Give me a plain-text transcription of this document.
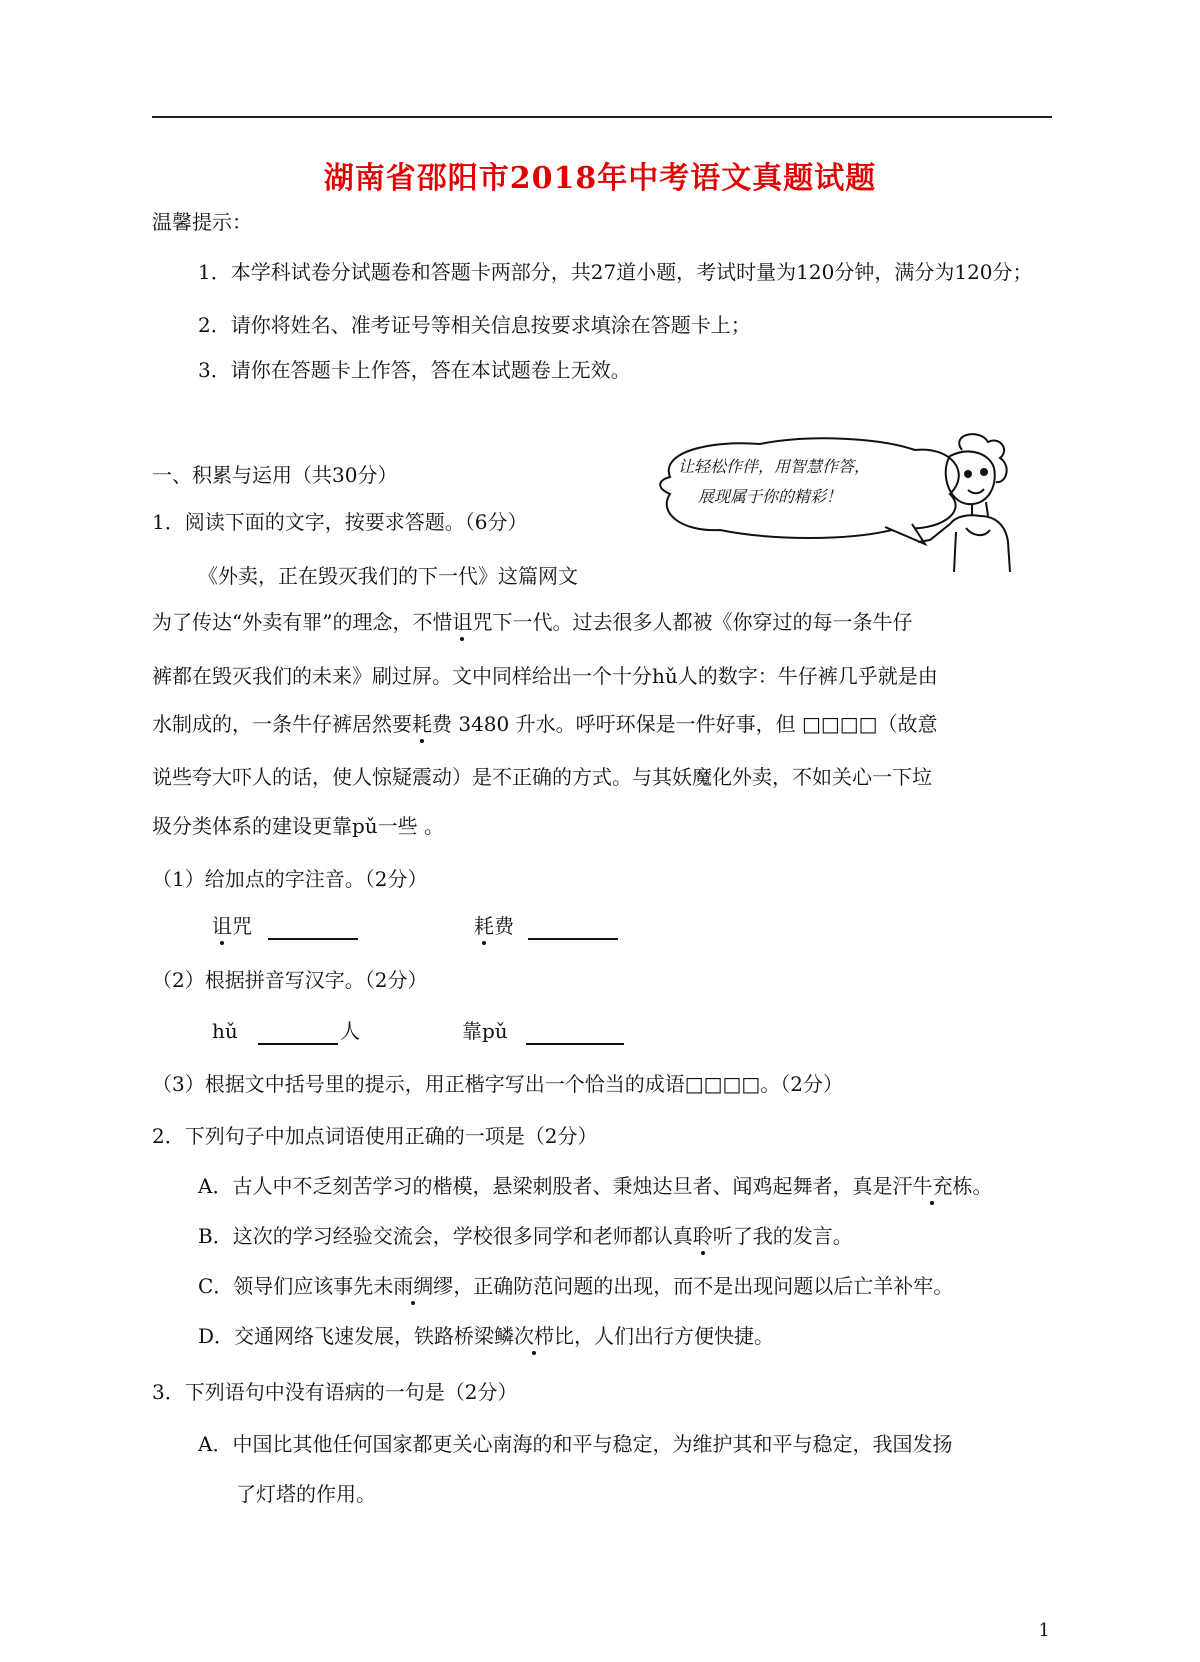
湖南省邵阳市2018年中考语文真题试题
温馨提示：
1．本学科试卷分试题卷和答题卡两部分，共27道小题，考试时量为120分钟，满分为120分；
2．请你将姓名、准考证号等相关信息按要求填涂在答题卡上；
3．请你在答题卡上作答，答在本试题卷上无效。
让轻松作伴，用智慧作答，
展现属于你的精彩！
一、积累与运用（共30分）
1．阅读下面的文字，按要求答题。（6分）
《外卖，正在毁灭我们的下一代》这篇网文
为了传达“外卖有罪”的理念，不惜诅咒下一代。过去很多人都被《你穿过的每一条牛仔
裤都在毁灭我们的未来》刷过屏。文中同样给出一个十分hǔ人的数字：牛仔裤几乎就是由
水制成的，一条牛仔裤居然要耗费 3480 升水。呼吁环保是一件好事，但 □□□□（故意
说些夸大吓人的话，使人惊疑震动）是不正确的方式。与其妖魔化外卖，不如关心一下垃
圾分类体系的建设更靠pǔ一些 。
（1）给加点的字注音。（2分）
诅咒	耗费
（2）根据拼音写汉字。（2分）
hǔ	人	靠pǔ
（3）根据文中括号里的提示，用正楷字写出一个恰当的成语□□□□。（2分）
2．下列句子中加点词语使用正确的一项是（2分）
A．古人中不乏刻苦学习的楷模，悬梁刺股者、秉烛达旦者、闻鸡起舞者，真是汗牛充栋。
B．这次的学习经验交流会，学校很多同学和老师都认真聆听了我的发言。
C．领导们应该事先未雨绸缪，正确防范问题的出现，而不是出现问题以后亡羊补牢。
D．交通网络飞速发展，铁路桥梁鳞次栉比，人们出行方便快捷。
3．下列语句中没有语病的一句是（2分）
A．中国比其他任何国家都更关心南海的和平与稳定，为维护其和平与稳定，我国发扬
了灯塔的作用。
1
